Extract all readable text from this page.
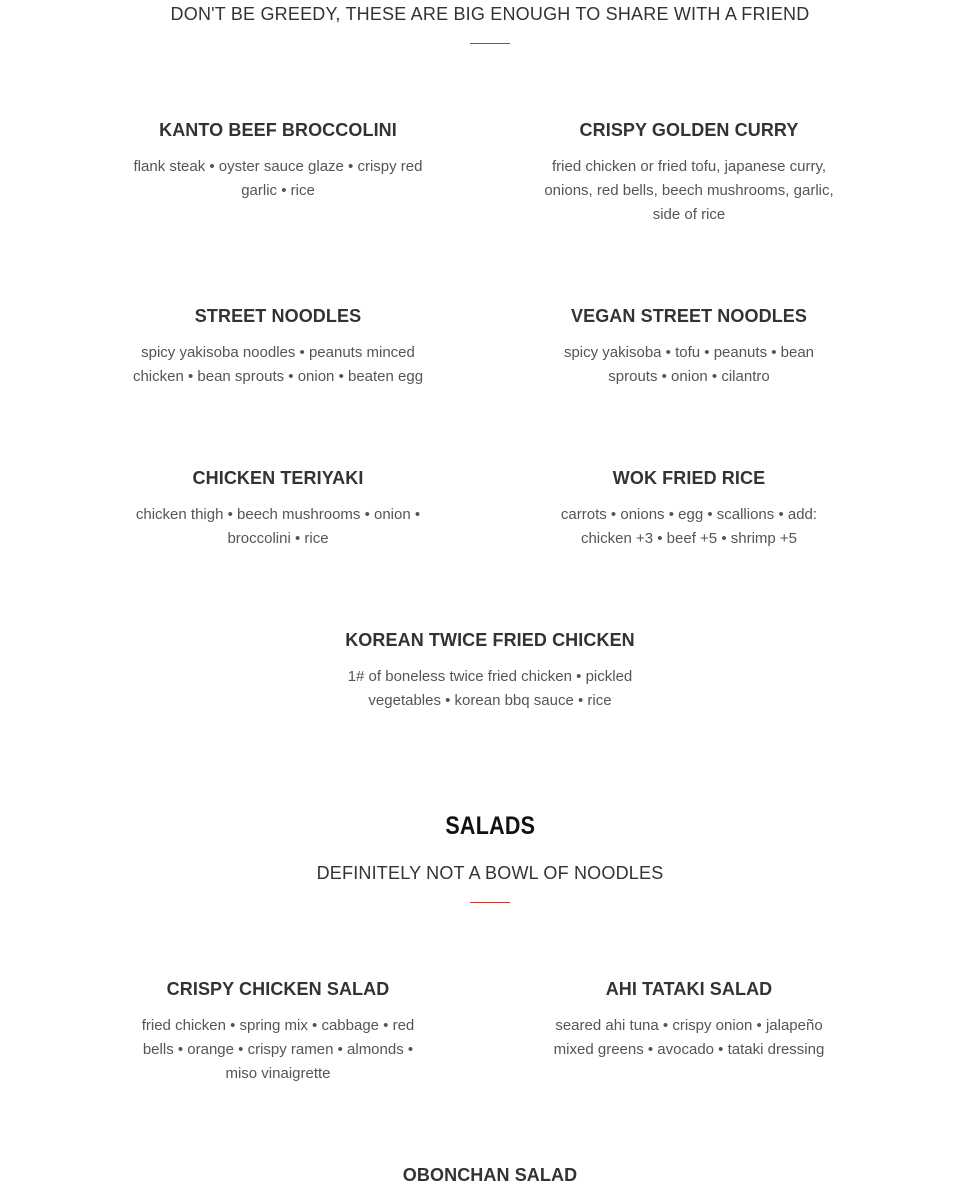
DON'T BE GREEDY, THESE ARE BIG ENOUGH TO SHARE WITH A FRIEND
KANTO BEEF BROCCOLINI
flank steak • oyster sauce glaze • crispy red garlic • rice
CRISPY GOLDEN CURRY
fried chicken or fried tofu, japanese curry, onions, red bells, beech mushrooms, garlic, side of rice
STREET NOODLES
spicy yakisoba noodles • peanuts minced chicken • bean sprouts • onion • beaten egg
VEGAN STREET NOODLES
spicy yakisoba • tofu • peanuts • bean sprouts • onion • cilantro
CHICKEN TERIYAKI
chicken thigh • beech mushrooms • onion • broccolini • rice
WOK FRIED RICE
carrots • onions • egg • scallions • add: chicken +3 • beef +5 • shrimp +5
KOREAN TWICE FRIED CHICKEN
1# of boneless twice fried chicken • pickled vegetables • korean bbq sauce • rice
SALADS
DEFINITELY NOT A BOWL OF NOODLES
CRISPY CHICKEN SALAD
fried chicken • spring mix • cabbage • red bells • orange • crispy ramen • almonds • miso vinaigrette
AHI TATAKI SALAD
seared ahi tuna • crispy onion • jalapeño mixed greens • avocado • tataki dressing
OBONCHAN SALAD
